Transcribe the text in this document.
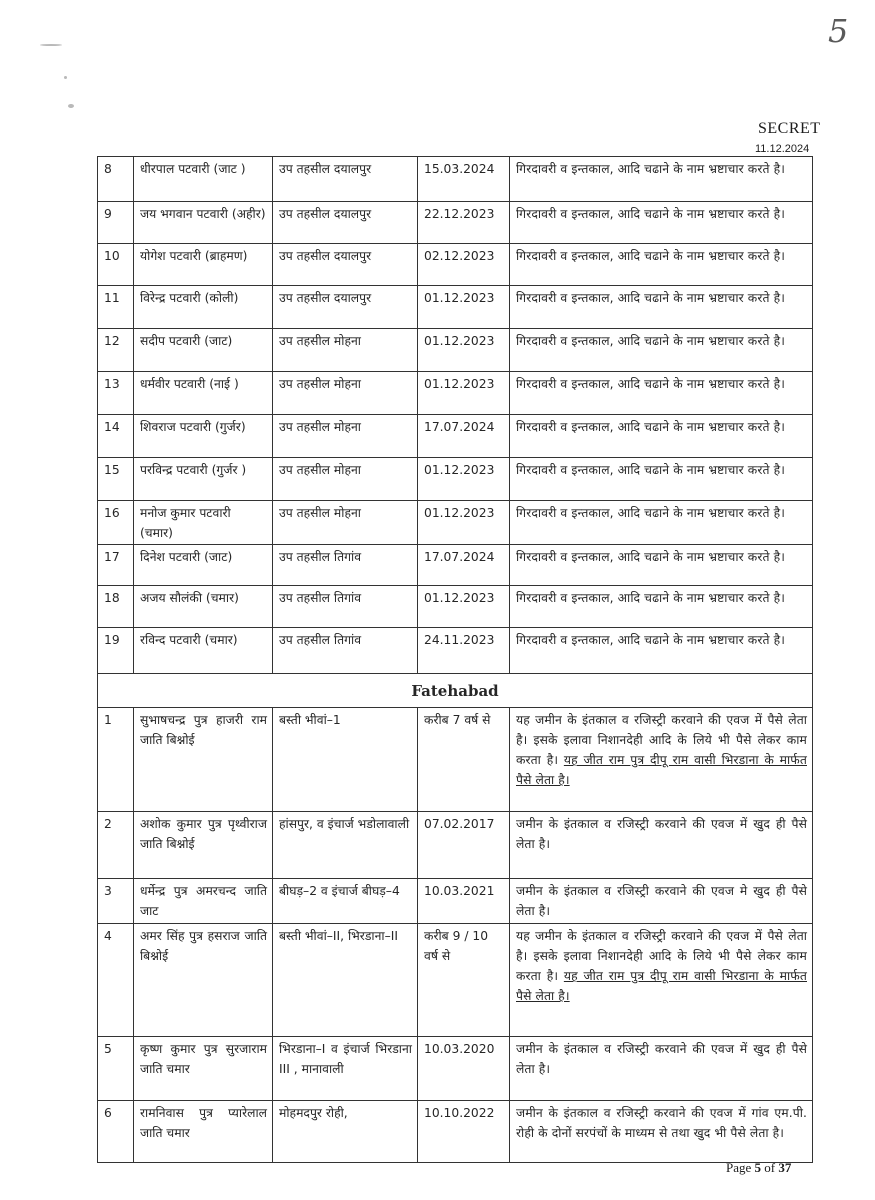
5
SECRET
11.12.2024
8	धीरपाल पटवारी (जाट )	उप तहसील दयालपुर	15.03.2024	गिरदावरी व इन्तकाल, आदि चढाने के नाम भ्रष्टाचार करते है।
9	जय भगवान पटवारी (अहीर)	उप तहसील दयालपुर	22.12.2023	गिरदावरी व इन्तकाल, आदि चढाने के नाम भ्रष्टाचार करते है।
10	योगेश पटवारी (ब्राहमण)	उप तहसील दयालपुर	02.12.2023	गिरदावरी व इन्तकाल, आदि चढाने के नाम भ्रष्टाचार करते है।
11	विरेन्द्र पटवारी (कोली)	उप तहसील दयालपुर	01.12.2023	गिरदावरी व इन्तकाल, आदि चढाने के नाम भ्रष्टाचार करते है।
12	सदीप पटवारी (जाट)	उप तहसील मोहना	01.12.2023	गिरदावरी व इन्तकाल, आदि चढाने के नाम भ्रष्टाचार करते है।
13	धर्मवीर पटवारी (नाई )	उप तहसील मोहना	01.12.2023	गिरदावरी व इन्तकाल, आदि चढाने के नाम भ्रष्टाचार करते है।
14	शिवराज पटवारी (गुर्जर)	उप तहसील मोहना	17.07.2024	गिरदावरी व इन्तकाल, आदि चढाने के नाम भ्रष्टाचार करते है।
15	परविन्द्र पटवारी (गुर्जर )	उप तहसील मोहना	01.12.2023	गिरदावरी व इन्तकाल, आदि चढाने के नाम भ्रष्टाचार करते है।
16	मनोज कुमार पटवारी (चमार)	उप तहसील मोहना	01.12.2023	गिरदावरी व इन्तकाल, आदि चढाने के नाम भ्रष्टाचार करते है।
17	दिनेश पटवारी (जाट)	उप तहसील तिगांव	17.07.2024	गिरदावरी व इन्तकाल, आदि चढाने के नाम भ्रष्टाचार करते है।
18	अजय सौलंकी (चमार)	उप तहसील तिगांव	01.12.2023	गिरदावरी व इन्तकाल, आदि चढाने के नाम भ्रष्टाचार करते है।
19	रविन्द पटवारी (चमार)	उप तहसील तिगांव	24.11.2023	गिरदावरी व इन्तकाल, आदि चढाने के नाम भ्रष्टाचार करते है।
Fatehabad				
1	सुभाषचन्द्र पुत्र हाजरी राम जाति बिश्नोई	बस्ती भीवां–1	करीब 7 वर्ष से	यह जमीन के इंतकाल व रजिस्ट्री करवाने की एवज में पैसे लेता है। इसके इलावा निशानदेही आदि के लिये भी पैसे लेकर काम करता है। यह जीत राम पुत्र दीपू राम वासी भिरडाना के मार्फत पैसे लेता है।
2	अशोक कुमार पुत्र पृथ्वीराज जाति बिश्नोई	हांसपुर, व इंचार्ज भडोलावाली	07.02.2017	जमीन के इंतकाल व रजिस्ट्री करवाने की एवज में खुद ही पैसे लेता है।
3	धर्मेन्द्र पुत्र अमरचन्द जाति जाट	बीघड़–2 व इंचार्ज बीघड़–4	10.03.2021	जमीन के इंतकाल व रजिस्ट्री करवाने की एवज मे खुद ही पैसे लेता है।
4	अमर सिंह पुत्र हसराज जाति बिश्नोई	बस्ती भीवां–II, भिरडाना–II	करीब 9 / 10 वर्ष से	यह जमीन के इंतकाल व रजिस्ट्री करवाने की एवज में पैसे लेता है। इसके इलावा निशानदेही आदि के लिये भी पैसे लेकर काम करता है। यह जीत राम पुत्र दीपू राम वासी भिरडाना के मार्फत पैसे लेता है।
5	कृष्ण कुमार पुत्र सुरजाराम जाति चमार	भिरडाना–I व इंचार्ज भिरडाना III , मानावाली	10.03.2020	जमीन के इंतकाल व रजिस्ट्री करवाने की एवज में खुद ही पैसे लेता है।
6	रामनिवास पुत्र प्यारेलाल जाति चमार	मोहमदपुर रोही,	10.10.2022	जमीन के इंतकाल व रजिस्ट्री करवाने की एवज में गांव एम.पी. रोही के दोनों सरपंचों के माध्यम से तथा खुद भी पैसे लेता है।
Page 5 of 37
